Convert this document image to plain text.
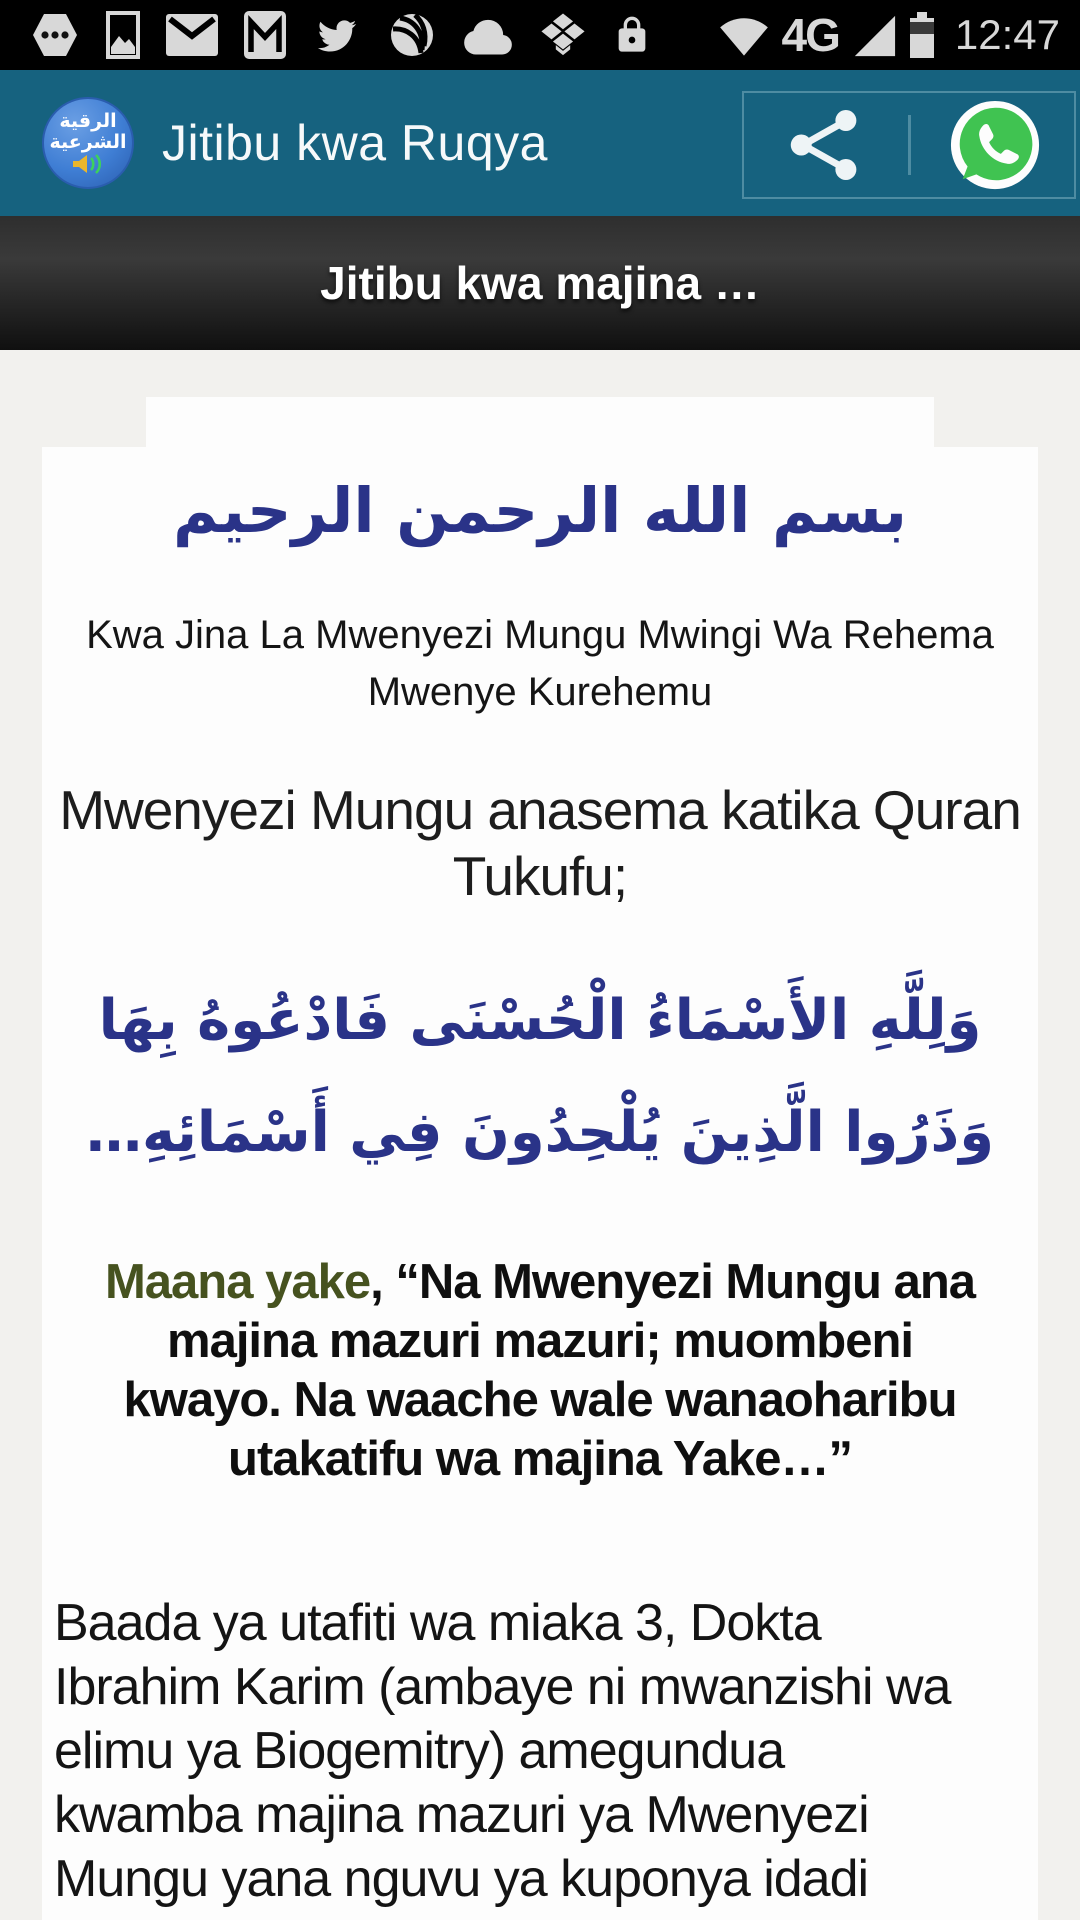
4G	12:47
الرقية
الشرعية Jitibu kwa Ruqya
Jitibu kwa majina …
بسم الله الرحمن الرحيم
Kwa Jina La Mwenyezi Mungu Mwingi Wa Rehema
Mwenye Kurehemu
Mwenyezi Mungu anasema katika Quran
Tukufu;
وَلِلَّهِ الأَسْمَاءُ الْحُسْنَى فَادْعُوهُ بِهَا
وَذَرُوا الَّذِينَ يُلْحِدُونَ فِي أَسْمَائِهِ…
Maana yake, “Na Mwenyezi Mungu ana
majina mazuri mazuri; muombeni
kwayo. Na waache wale wanaoharibu
utakatifu wa majina Yake…”
Baada ya utafiti wa miaka 3, Dokta
Ibrahim Karim (ambaye ni mwanzishi wa
elimu ya Biogemitry) amegundua
kwamba majina mazuri ya Mwenyezi
Mungu yana nguvu ya kuponya idadi
